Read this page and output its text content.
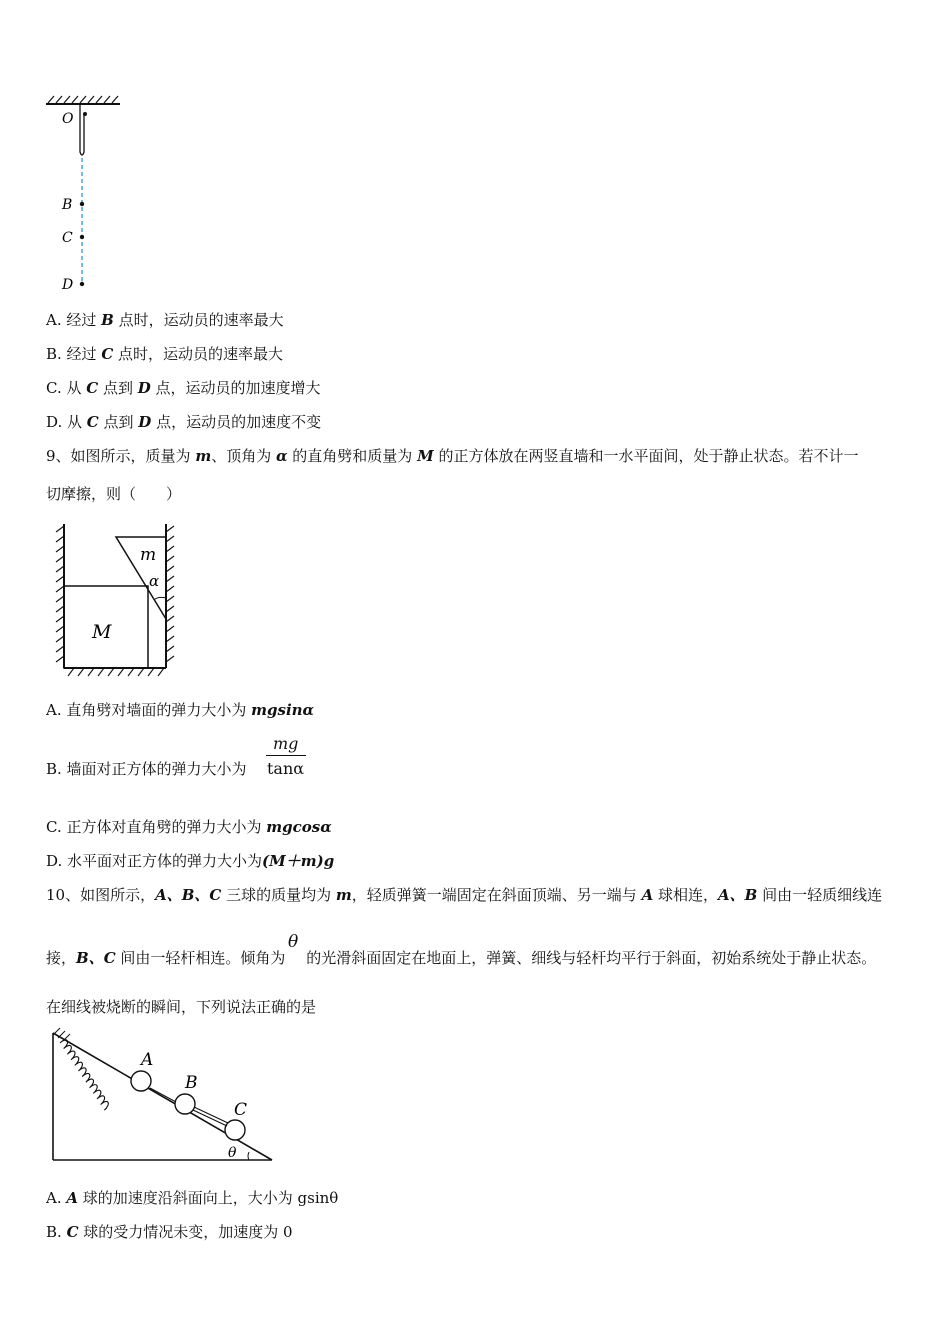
O
B
C
D
A. 经过 B 点时，运动员的速率最大
B. 经过 C 点时，运动员的速率最大
C. 从 C 点到 D 点，运动员的加速度增大
D. 从 C 点到 D 点，运动员的加速度不变
9、如图所示，质量为 m、顶角为 α 的直角劈和质量为 M 的正方体放在两竖直墙和一水平面间，处于静止状态。若不计一
切摩擦，则（　　）
m
α
M
A. 直角劈对墙面的弹力大小为 mgsinα
mg
tanα
B. 墙面对正方体的弹力大小为
C. 正方体对直角劈的弹力大小为 mgcosα
D. 水平面对正方体的弹力大小为(M＋m)g
10、如图所示，A、B、C 三球的质量均为 m，轻质弹簧一端固定在斜面顶端、另一端与 A 球相连，A、B 间由一轻质细线连
θ
接，B、C 间由一轻杆相连。倾角为 的光滑斜面固定在地面上，弹簧、细线与轻杆均平行于斜面，初始系统处于静止状态。
在细线被烧断的瞬间，下列说法正确的是
A
B
C
θ
A. A 球的加速度沿斜面向上，大小为 gsinθ
B. C 球的受力情况未变，加速度为 0
